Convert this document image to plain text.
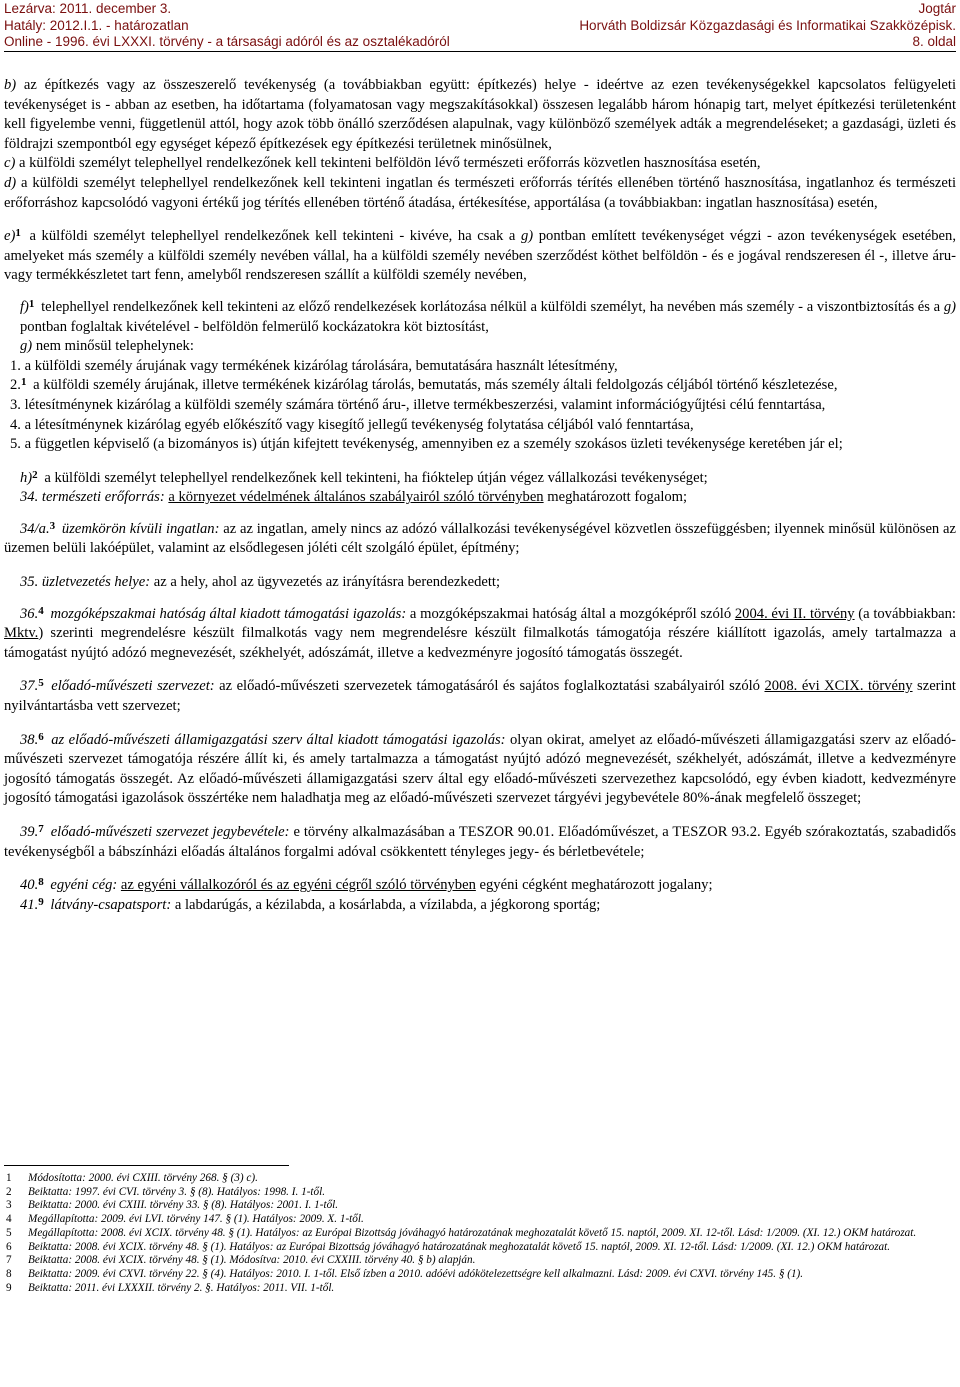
Lezárva: 2011. december 3.
Hatály: 2012.I.1. - határozatlan
Online - 1996. évi LXXXI. törvény - a társasági adóról és az osztalékadóról
Jogtár
Horváth Boldizsár Közgazdasági és Informatikai Szakközépisk.
8. oldal

b) az építkezés vagy az összeszerelő tevékenység (a továbbiakban együtt: építkezés) helye - ideértve az ezen tevékenységekkel kapcsolatos felügyeleti tevékenységet is - abban az esetben, ha időtartama (folyamatosan vagy megszakításokkal) összesen legalább három hónapig tart, melyet építkezési területenként kell figyelembe venni, függetlenül attól, hogy azok több önálló szerződésen alapulnak, vagy különböző személyek adták a megrendeléseket; a gazdasági, üzleti és földrajzi szempontból egy egységet képező építkezések egy építkezési területnek minősülnek,

c) a külföldi személyt telephellyel rendelkezőnek kell tekinteni belföldön lévő természeti erőforrás közvetlen hasznosítása esetén,

d) a külföldi személyt telephellyel rendelkezőnek kell tekinteni ingatlan és természeti erőforrás térítés ellenében történő hasznosítása, ingatlanhoz és természeti erőforráshoz kapcsolódó vagyoni értékű jog térítés ellenében történő átadása, értékesítése, apportálása (a továbbiakban: ingatlan hasznosítása) esetén,

e)$^1$ a külföldi személyt telephellyel rendelkezőnek kell tekinteni - kivéve, ha csak a g) pontban említett tevékenységet végzi - azon tevékenységek esetében, amelyeket más személy a külföldi személy nevében vállal, ha a külföldi személy nevében szerződést köthet belföldön - és e jogával rendszeresen él -, illetve áru- vagy termékkészletet tart fenn, amelyből rendszeresen szállít a külföldi személy nevében,

f)$^1$ telephellyel rendelkezőnek kell tekinteni az előző rendelkezések korlátozása nélkül a külföldi személyt, ha nevében más személy - a viszontbiztosítás és a g) pontban foglaltak kivételével - belföldön felmerülő kockázatokra köt biztosítást,

g) nem minősül telephelynek:

1. a külföldi személy árujának vagy termékének kizárólag tárolására, bemutatására használt létesítmény,

2.$^1$ a külföldi személy árujának, illetve termékének kizárólag tárolás, bemutatás, más személy általi feldolgozás céljából történő készletezése,

3. létesítménynek kizárólag a külföldi személy számára történő áru-, illetve termékbeszerzési, valamint információgyűjtési célú fenntartása,

4. a létesítménynek kizárólag egyéb előkészítő vagy kisegítő jellegű tevékenység folytatása céljából való fenntartása,

5. a független képviselő (a bizományos is) útján kifejtett tevékenység, amennyiben ez a személy szokásos üzleti tevékenysége keretében jár el;

h)$^2$ a külföldi személyt telephellyel rendelkezőnek kell tekinteni, ha fióktelep útján végez vállalkozási tevékenységet;

34. természeti erőforrás: a környezet védelmének általános szabályairól szóló törvényben meghatározott fogalom;

34/a.$^3$ üzemkörön kívüli ingatlan: az az ingatlan, amely nincs az adózó vállalkozási tevékenységével közvetlen összefüggésben; ilyennek minősül különösen az üzemen belüli lakóépület, valamint az elsődlegesen jóléti célt szolgáló épület, építmény;

35. üzletvezetés helye: az a hely, ahol az ügyvezetés az irányításra berendezkedett;

36.$^4$ mozgóképszakmai hatóság által kiadott támogatási igazolás: a mozgóképszakmai hatóság által a mozgóképről szóló 2004. évi II. törvény (a továbbiakban: Mktv.) szerinti megrendelésre készült filmalkotás vagy nem megrendelésre készült filmalkotás támogatója részére kiállított igazolás, amely tartalmazza a támogatást nyújtó adózó megnevezését, székhelyét, adószámát, illetve a kedvezményre jogosító támogatás összegét.

37.$^5$ előadó-művészeti szervezet: az előadó-művészeti szervezetek támogatásáról és sajátos foglalkoztatási szabályairól szóló 2008. évi XCIX. törvény szerint nyilvántartásba vett szervezet;

38.$^6$ az előadó-művészeti államigazgatási szerv által kiadott támogatási igazolás: olyan okirat, amelyet az előadó-művészeti államigazgatási szerv az előadó-művészeti szervezet támogatója részére állít ki, és amely tartalmazza a támogatást nyújtó adózó megnevezését, székhelyét, adószámát, illetve a kedvezményre jogosító támogatás összegét. Az előadó-művészeti államigazgatási szerv által egy előadó-művészeti szervezethez kapcsolódó, egy évben kiadott, kedvezményre jogosító támogatási igazolások összértéke nem haladhatja meg az előadó-művészeti szervezet tárgyévi jegybevétele 80%-ának megfelelő összeget;

39.$^7$ előadó-művészeti szervezet jegybevétele: e törvény alkalmazásában a TESZOR 90.01. Előadóművészet, a TESZOR 93.2. Egyéb szórakoztatás, szabadidős tevékenységből a bábszínházi előadás általános forgalmi adóval csökkentett tényleges jegy- és bérletbevétele;

40.$^8$ egyéni cég: az egyéni vállalkozóról és az egyéni cégről szóló törvényben egyéni cégként meghatározott jogalany;

41.$^9$ látvány-csapatsport: a labdarúgás, a kézilabda, a kosárlabda, a vízilabda, a jégkorong sportág;

1 Módosította: 2000. évi CXIII. törvény 268. § (3) c).

2 Beiktatta: 1997. évi CVI. törvény 3. § (8). Hatályos: 1998. I. 1-től.

3 Beiktatta: 2000. évi CXIII. törvény 33. § (8). Hatályos: 2001. I. 1-től.

4 Megállapította: 2009. évi LVI. törvény 147. § (1). Hatályos: 2009. X. 1-től.

5 Megállapította: 2008. évi XCIX. törvény 48. § (1). Hatályos: az Európai Bizottság jóváhagyó határozatának meghozatalát követő 15. naptól, 2009. XI. 12-től. Lásd: 1/2009. (XI. 12.) OKM határozat.

6 Beiktatta: 2008. évi XCIX. törvény 48. § (1). Hatályos: az Európai Bizottság jóváhagyó határozatának meghozatalát követő 15. naptól, 2009. XI. 12-től. Lásd: 1/2009. (XI. 12.) OKM határozat.

7 Beiktatta: 2008. évi XCIX. törvény 48. § (1). Módosítva: 2010. évi CXXIII. törvény 40. § b) alapján.

8 Beiktatta: 2009. évi CXVI. törvény 22. § (4). Hatályos: 2010. I. 1-től. Első ízben a 2010. adóévi adókötelezettségre kell alkalmazni. Lásd: 2009. évi CXVI. törvény 145. § (1).

9 Beiktatta: 2011. évi LXXXII. törvény 2. §. Hatályos: 2011. VII. 1-től.
